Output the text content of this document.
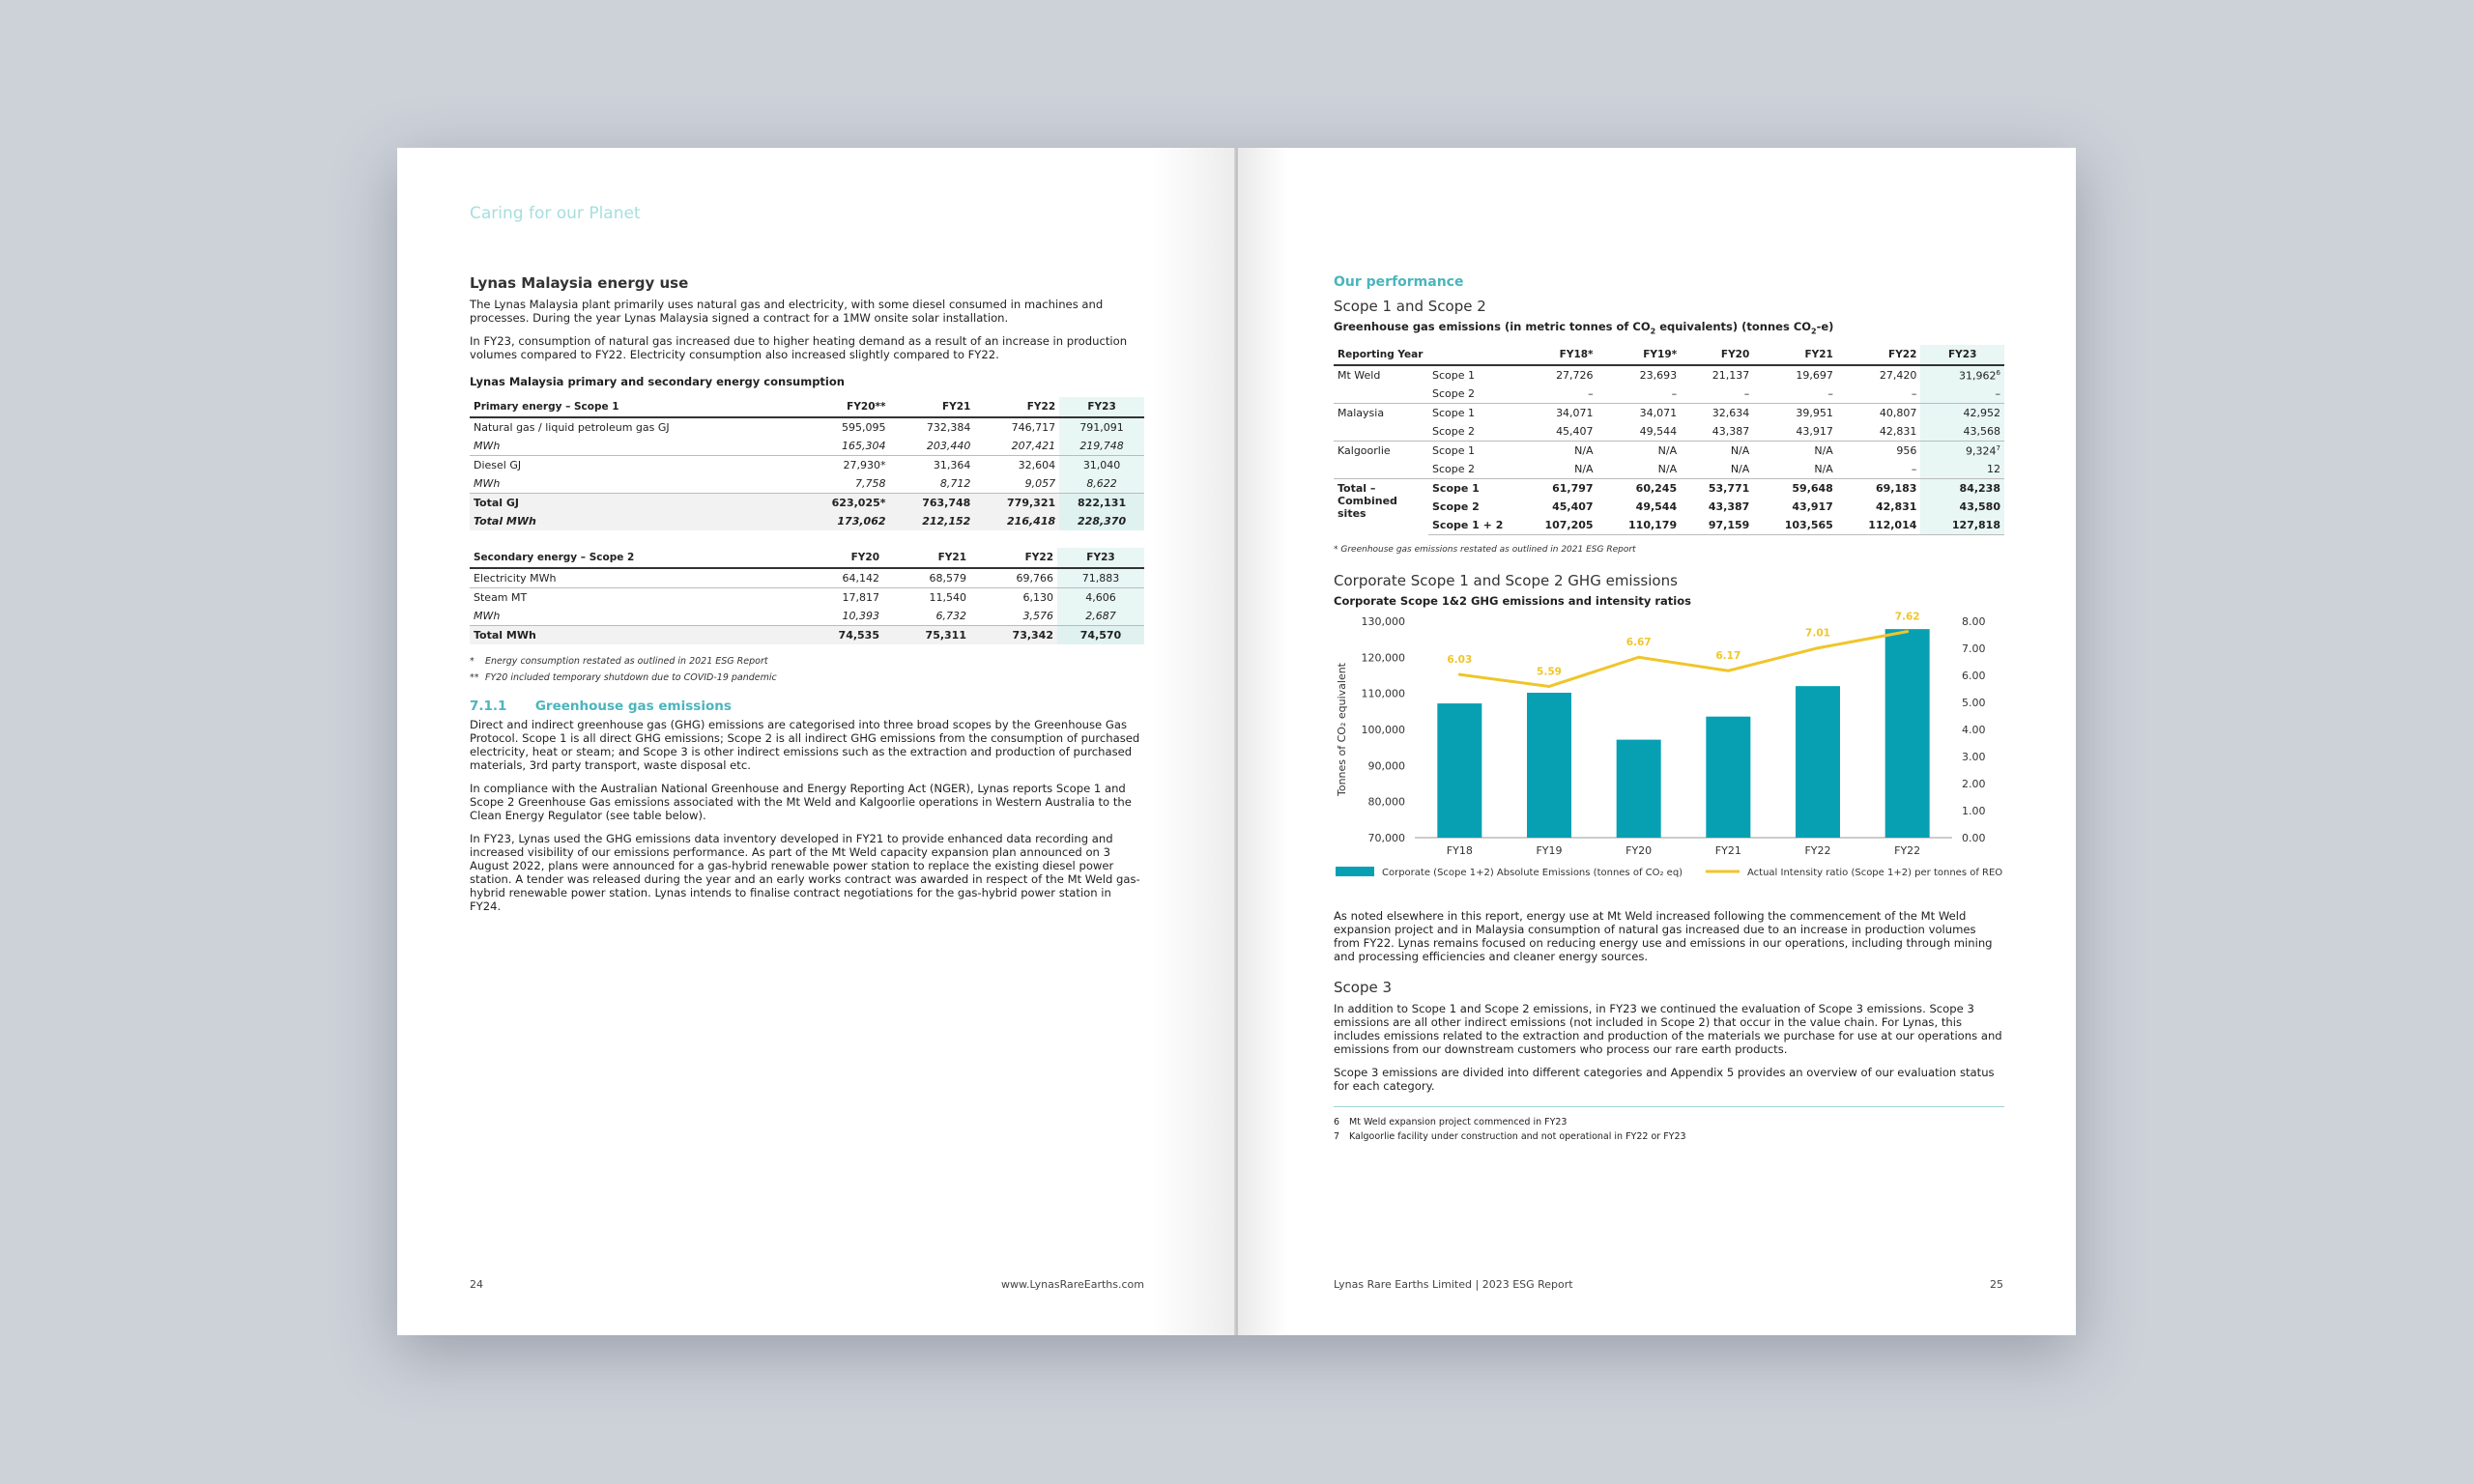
Caring for our Planet
Lynas Malaysia energy use

The Lynas Malaysia plant primarily uses natural gas and electricity, with some diesel consumed in machines and processes. During the year Lynas Malaysia signed a contract for a 1MW onsite solar installation.

In FY23, consumption of natural gas increased due to higher heating demand as a result of an increase in production volumes compared to FY22. Electricity consumption also increased slightly compared to FY22.

Lynas Malaysia primary and secondary energy consumption
Primary energy – Scope 1	FY20**	FY21	FY22	FY23
Natural gas / liquid petroleum gas GJ	595,095	732,384	746,717	791,091
MWh	165,304	203,440	207,421	219,748
Diesel GJ	27,930*	31,364	32,604	31,040
MWh	7,758	8,712	9,057	8,622
Total GJ	623,025*	763,748	779,321	822,131
Total MWh	173,062	212,152	216,418	228,370
Secondary energy – Scope 2	FY20	FY21	FY22	FY23
Electricity MWh	64,142	68,579	69,766	71,883
Steam MT	17,817	11,540	6,130	4,606
MWh	10,393	6,732	3,576	2,687
Total MWh	74,535	75,311	73,342	74,570
* Energy consumption restated as outlined in 2021 ESG Report
** FY20 included temporary shutdown due to COVID-19 pandemic
7.1.1 Greenhouse gas emissions

Direct and indirect greenhouse gas (GHG) emissions are categorised into three broad scopes by the Greenhouse Gas Protocol. Scope 1 is all direct GHG emissions; Scope 2 is all indirect GHG emissions from the consumption of purchased electricity, heat or steam; and Scope 3 is other indirect emissions such as the extraction and production of purchased materials, 3rd party transport, waste disposal etc.

In compliance with the Australian National Greenhouse and Energy Reporting Act (NGER), Lynas reports Scope 1 and Scope 2 Greenhouse Gas emissions associated with the Mt Weld and Kalgoorlie operations in Western Australia to the Clean Energy Regulator (see table below).

In FY23, Lynas used the GHG emissions data inventory developed in FY21 to provide enhanced data recording and increased visibility of our emissions performance. As part of the Mt Weld capacity expansion plan announced on 3 August 2022, plans were announced for a gas-hybrid renewable power station to replace the existing diesel power station. A tender was released during the year and an early works contract was awarded in respect of the Mt Weld gas-hybrid renewable power station. Lynas intends to finalise contract negotiations for the gas-hybrid power station in FY24.

24	www.LynasRareEarths.com
Our performance
Scope 1 and Scope 2
Greenhouse gas emissions (in metric tonnes of $CO_2$ equivalents) (tonnes $CO_2-e$)
Reporting Year		FY18*	FY19*	FY20	FY21	FY22	FY23
Mt Weld	Scope 1	27,726	23,693	21,137	19,697	27,420	31,962$^6$
	Scope 2	–	–	–	–	–	–
Malaysia	Scope 1	34,071	34,071	32,634	39,951	40,807	42,952
	Scope 2	45,407	49,544	43,387	43,917	42,831	43,568
Kalgoorlie	Scope 1	N/A	N/A	N/A	N/A	956	9,324$^7$
	Scope 2	N/A	N/A	N/A	N/A	–	12

Total –
Combined
sites	Scope 1	61,797	60,245	53,771	59,648	69,183	84,238
	Scope 2	45,407	49,544	43,387	43,917	42,831	43,580
	Scope 1 + 2	107,205	110,179	97,159	103,565	112,014	127,818
* Greenhouse gas emissions restated as outlined in 2021 ESG Report
Corporate Scope 1 and Scope 2 GHG emissions
Corporate Scope 1&2 GHG emissions and intensity ratios
70,000
80,000
90,000
100,000
110,000
120,000
130,000
0.00
1.00
2.00
3.00
4.00
5.00
6.00
7.00
8.00
Tonnes of CO₂ equivalent
FY18	FY19	FY20	FY21	FY22	FY22
6.03
5.59
6.67
6.17
7.01
7.62
Corporate (Scope 1+2) Absolute Emissions (tonnes of CO₂ eq)	Actual Intensity ratio (Scope 1+2) per tonnes of REO

As noted elsewhere in this report, energy use at Mt Weld increased following the commencement of the Mt Weld expansion project and in Malaysia consumption of natural gas increased due to an increase in production volumes from FY22. Lynas remains focused on reducing energy use and emissions in our operations, including through mining and processing efficiencies and cleaner energy sources.

Scope 3

In addition to Scope 1 and Scope 2 emissions, in FY23 we continued the evaluation of Scope 3 emissions. Scope 3 emissions are all other indirect emissions (not included in Scope 2) that occur in the value chain. For Lynas, this includes emissions related to the extraction and production of the materials we purchase for use at our operations and emissions from our downstream customers who process our rare earth products.

Scope 3 emissions are divided into different categories and Appendix 5 provides an overview of our evaluation status for each category.

6 Mt Weld expansion project commenced in FY23
7 Kalgoorlie facility under construction and not operational in FY22 or FY23
Lynas Rare Earths Limited | 2023 ESG Report	25
